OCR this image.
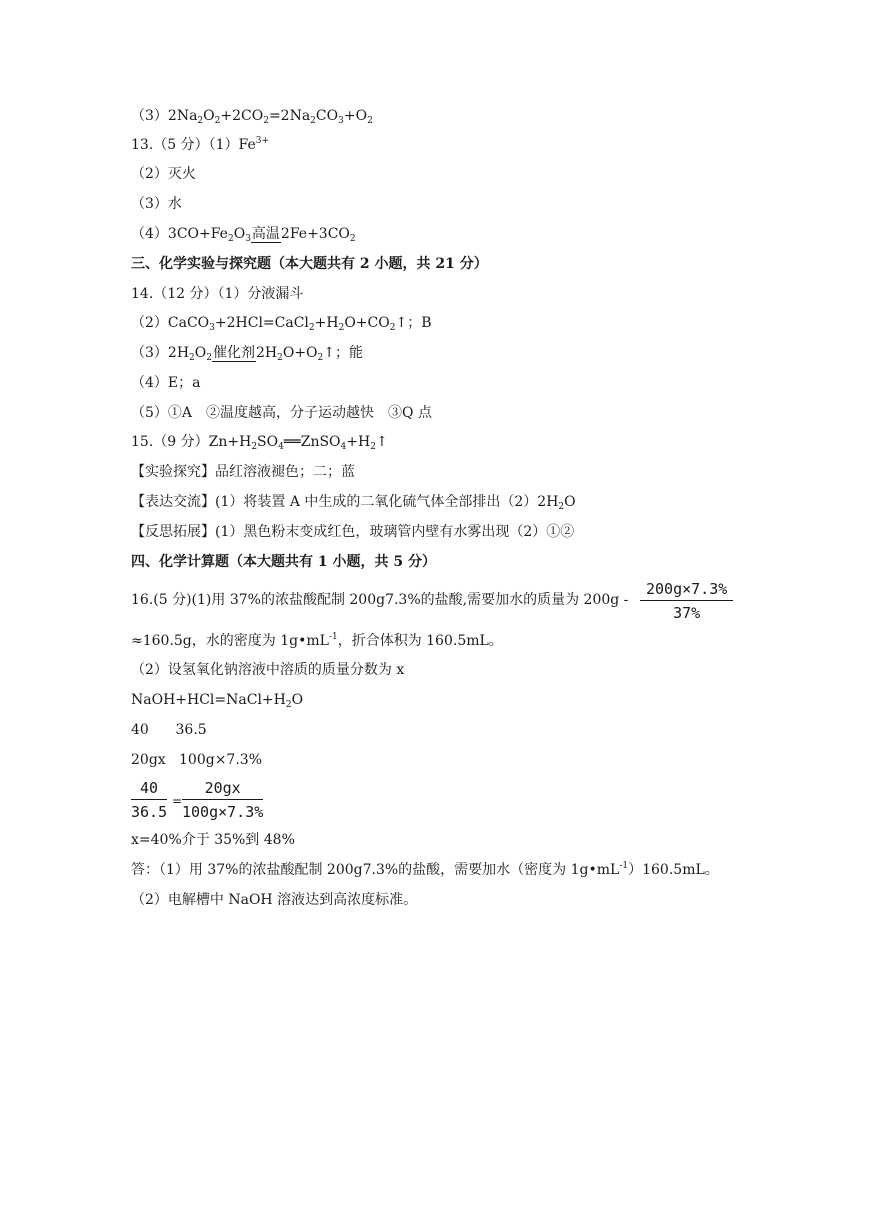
$(3)2Na_2O_2+2CO_2=2Na_2CO_3+O_2$
13.（5 分）$(1)Fe^{3+}$
（2）灭火
（3）水
$(4)3CO+Fe_2O_3$高温$2Fe+3CO_2$
三、化学实验与探究题（本大题共有 2 小题，共 21 分）
14.（12 分）（1）分液漏斗
$(2)CaCO_3+2HCl=CaCl_2+H_2O+CO_2↑$；B
$(3)2H_2O_2$催化剂$2H_2O+O_2↑$；能
（4）E；a
（5）①A　②温度越高，分子运动越快　③Q 点
15.（9 分）$Zn+H_2SO_4══ZnSO_4+H_2↑$
【实验探究】品红溶液褪色；二；蓝
【表达交流】(1）将装置 A 中生成的二氧化硫气体全部排出$(2)2H_2O$
【反思拓展】(1）黑色粉末变成红色，玻璃管内壁有水雾出现（2）①②
四、化学计算题（本大题共有 1 小题，共 5 分）
16.(5 分)(1)用 37%的浓盐酸配制 200g7.3%的盐酸,需要加水的质量为 $200g - \frac{200g\times 7.3\%}{37\%}$
≈160.5g，水的密度为 $1g•mL^{-1}$，折合体积为 160.5mL。
（2）设氢氧化钠溶液中溶质的质量分数为 x
$NaOH+HCl=NaCl+H_2O$
40      36.5
20gx   100g×7.3%
$\frac{40}{36.5} = \frac{20gx}{100g\times 7.3\%}$
x=40%介于 35%到 48%
答：（1）用 37%的浓盐酸配制 200g7.3%的盐酸，需要加水（密度为 $1g•mL^{-1})160.5mL$。
（2）电解槽中 NaOH 溶液达到高浓度标准。
